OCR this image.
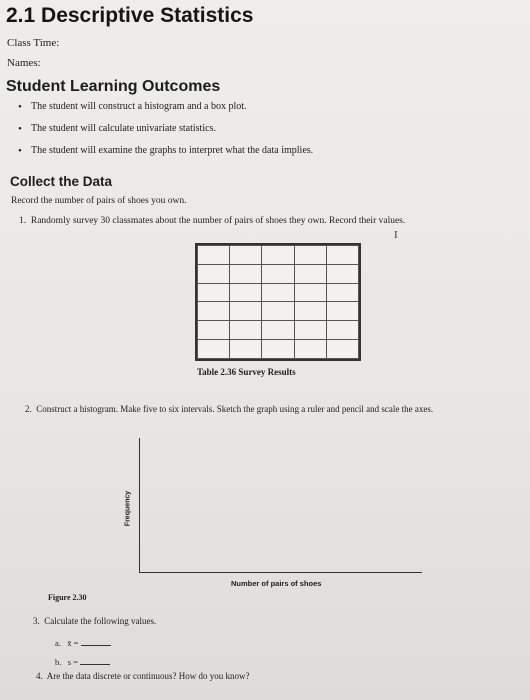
2.1 Descriptive Statistics
Class Time:
Names:
Student Learning Outcomes
• The student will construct a histogram and a box plot.
• The student will calculate univariate statistics.
• The student will examine the graphs to interpret what the data implies.
Collect the Data
Record the number of pairs of shoes you own.
1. Randomly survey 30 classmates about the number of pairs of shoes they own. Record their values.
I

Table 2.36 Survey Results
2. Construct a histogram. Make five to six intervals. Sketch the graph using a ruler and pencil and scale the axes.
Frequency
Number of pairs of shoes
Figure 2.30
3. Calculate the following values.
a. x̄ =
b. s =
4. Are the data discrete or continuous? How do you know?
